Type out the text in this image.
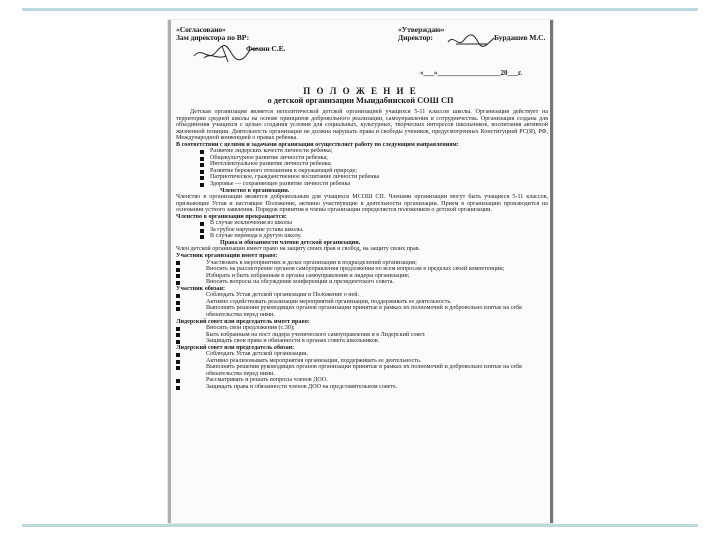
«Согласовано»
Зам директора по ВР:
Фомин С.Е.
«Утверждаю»
Директор:	Бурдашев М.С.
«___»__________________20___г.
П О Л О Ж Е Н И Е
о детской организации Мындабинской СОШ СП

Детская организация является неполитической детской организацией учащихся 5-11 классов школы. Организация действует на территории средней школы на основе принципов добровольного реализации, самоуправления и сотрудничества. Организация создана для объединения учащихся с целью создания условия для социальных, культурных, творческих интересов школьников, воспитания активной жизненной позиции. Деятельность организации не должна нарушать права и свободы учеников, предусмотренных Конституцией РС(Я), РФ, Международной конвенцией о правах ребенка.

В соответствии с целями и задачами организации осуществляет работу по следующим направлениям:

Развитие лидерских качеств личности ребенка;
Общекультурное развитие личности ребенка;
Интеллектуальное развитие личности ребенка;
Развитие бережного отношения к окружающей природе;
Патриотическое, гражданственное воспитание личности ребенка
Здоровье — сохраняющее развитие личности ребенка

Членство в организации.

Членство в организации является добровольным для учащихся МСОШ СП. Членами организации могут быть учащиеся 5-11 классов, признающие Устав и настоящее Положение, активно участвующие в деятельности организации. Прием в организацию производится на основании устного заявления. Порядок принятия в члены организации определяется положением о детской организации.

Членство в организации прекращается:

В случае исключения из школы
За грубое нарушение устава школы.
В случае перевода в другую школу.

Права и обязанности членов детской организации.

Член детской организации имеет право на защиту своих прав и свобод, на защиту своих прав.

Участник организации имеет право:

Участвовать в мероприятиях и делах организации и подразделений организации;
Вносить на рассмотрение органов самоуправления предложения по всем вопросам в пределах своей компетенции;
Избирать и быть избранным в органы самоуправления и лидеры организации;
Вносить вопросы на обсуждение конференции и президентского совета.

Участник обязан:

Соблюдать Устав детской организации и Положение о ней.
Активно содействовать реализации мероприятий организации, поддерживать ее деятельность.
Выполнять решения руководящих органов организации принятые в рамках их полномочий и добровольно взятые на себя обязательства перед ними.

Лидерский совет или председатель имеет право:

Вносить свои предложения (с.30);
Быть избранным на пост лидера ученического самоуправления и в Лидерский совет.
Защищать свои права и обязанности в органах совета школьников.

Лидерский совет или председатель обязан:

Соблюдать Устав детской организации.
Активно реализовывать мероприятия организации, поддерживать ее деятельность.
Выполнять решения руководящих органов организации принятые в рамках их полномочий и добровольно взятые на себя обязательства перед ними.
Рассматривать и решать вопросы членов ДОО.
Защищать права и обязанности членов ДОО на представительном совете.
